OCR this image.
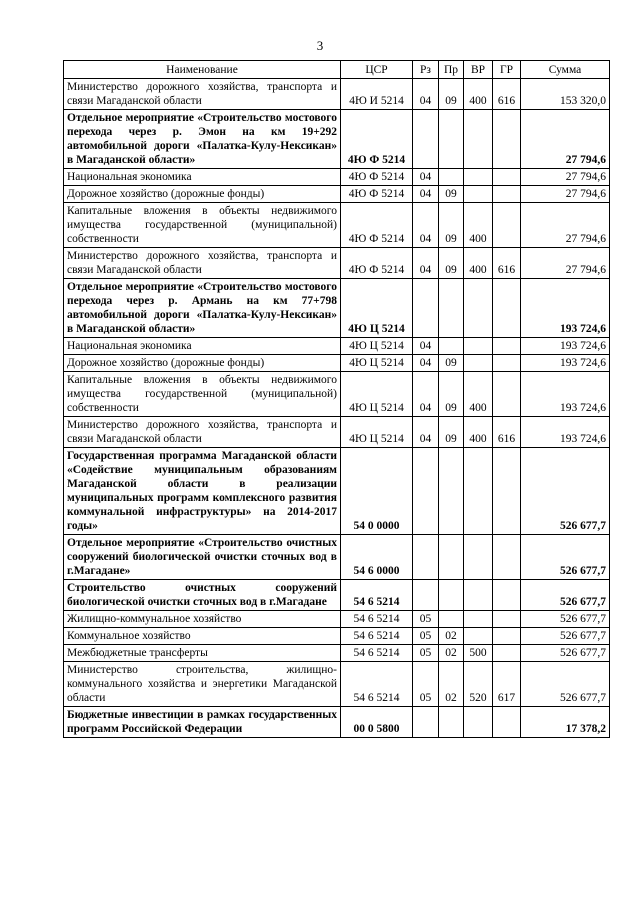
3
Наименование	ЦСР	Рз	Пр	ВР	ГР	Сумма
Министерство дорожного хозяйства, транспорта и связи Магаданской области	4Ю И 5214	04	09	400	616	153 320,0
Отдельное мероприятие «Строительство мостового перехода через р. Эмон на км 19+292 автомобильной дороги «Палатка-Кулу-Нексикан» в Магаданской области»	4Ю Ф 5214					27 794,6
Национальная экономика	4Ю Ф 5214	04				27 794,6
Дорожное хозяйство (дорожные фонды)	4Ю Ф 5214	04	09			27 794,6
Капитальные вложения в объекты недвижимого имущества государственной (муниципальной) собственности	4Ю Ф 5214	04	09	400		27 794,6
Министерство дорожного хозяйства, транспорта и связи Магаданской области	4Ю Ф 5214	04	09	400	616	27 794,6
Отдельное мероприятие «Строительство мостового перехода через р. Армань на км 77+798 автомобильной дороги «Палатка-Кулу-Нексикан» в Магаданской области»	4Ю Ц 5214					193 724,6
Национальная экономика	4Ю Ц 5214	04				193 724,6
Дорожное хозяйство (дорожные фонды)	4Ю Ц 5214	04	09			193 724,6
Капитальные вложения в объекты недвижимого имущества государственной (муниципальной) собственности	4Ю Ц 5214	04	09	400		193 724,6
Министерство дорожного хозяйства, транспорта и связи Магаданской области	4Ю Ц 5214	04	09	400	616	193 724,6
Государственная программа Магаданской области «Содействие муниципальным образованиям Магаданской области в реализации муниципальных программ комплексного развития коммунальной инфраструктуры» на 2014-2017 годы»	54 0 0000					526 677,7
Отдельное мероприятие «Строительство очистных сооружений биологической очистки сточных вод в г.Магадане»	54 6 0000					526 677,7
Строительство очистных сооружений биологической очистки сточных вод в г.Магадане	54 6 5214					526 677,7
Жилищно-коммунальное хозяйство	54 6 5214	05				526 677,7
Коммунальное хозяйство	54 6 5214	05	02			526 677,7
Межбюджетные трансферты	54 6 5214	05	02	500		526 677,7
Министерство строительства, жилищно-коммунального хозяйства и энергетики Магаданской области	54 6 5214	05	02	520	617	526 677,7
Бюджетные инвестиции в рамках государственных программ Российской Федерации	00 0 5800					17 378,2
